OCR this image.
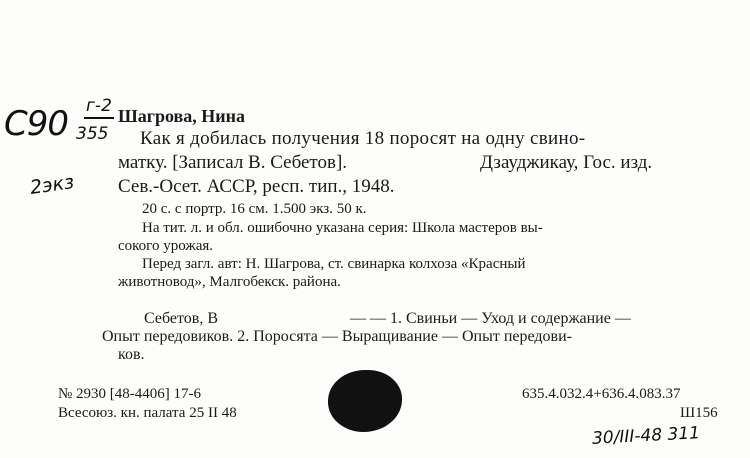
С90 г-2
355
2экз
Шагрова, Нина
Как я добилась получения 18 поросят на одну свино-
матку. [Записал В. Себетов].	Дзауджикау, Гос. изд.
Сев.-Осет. АССР, респ. тип., 1948.
20 с. с портр. 16 см. 1.500 экз. 50 к.
На тит. л. и обл. ошибочно указана серия: Школа мастеров вы-
сокого урожая.
Перед загл. авт: Н. Шагрова, ст. свинарка колхоза «Красный
животновод», Малгобекск. района.
Себетов, В	— — 1. Свиньи — Уход и содержание —
Опыт передовиков. 2. Поросята — Выращивание — Опыт передови-
ков.
№ 2930 [48-4406] 17-6
Всесоюз. кн. палата 25 II 48
635.4.032.4+636.4.083.37
Ш156
30/III-48 311
